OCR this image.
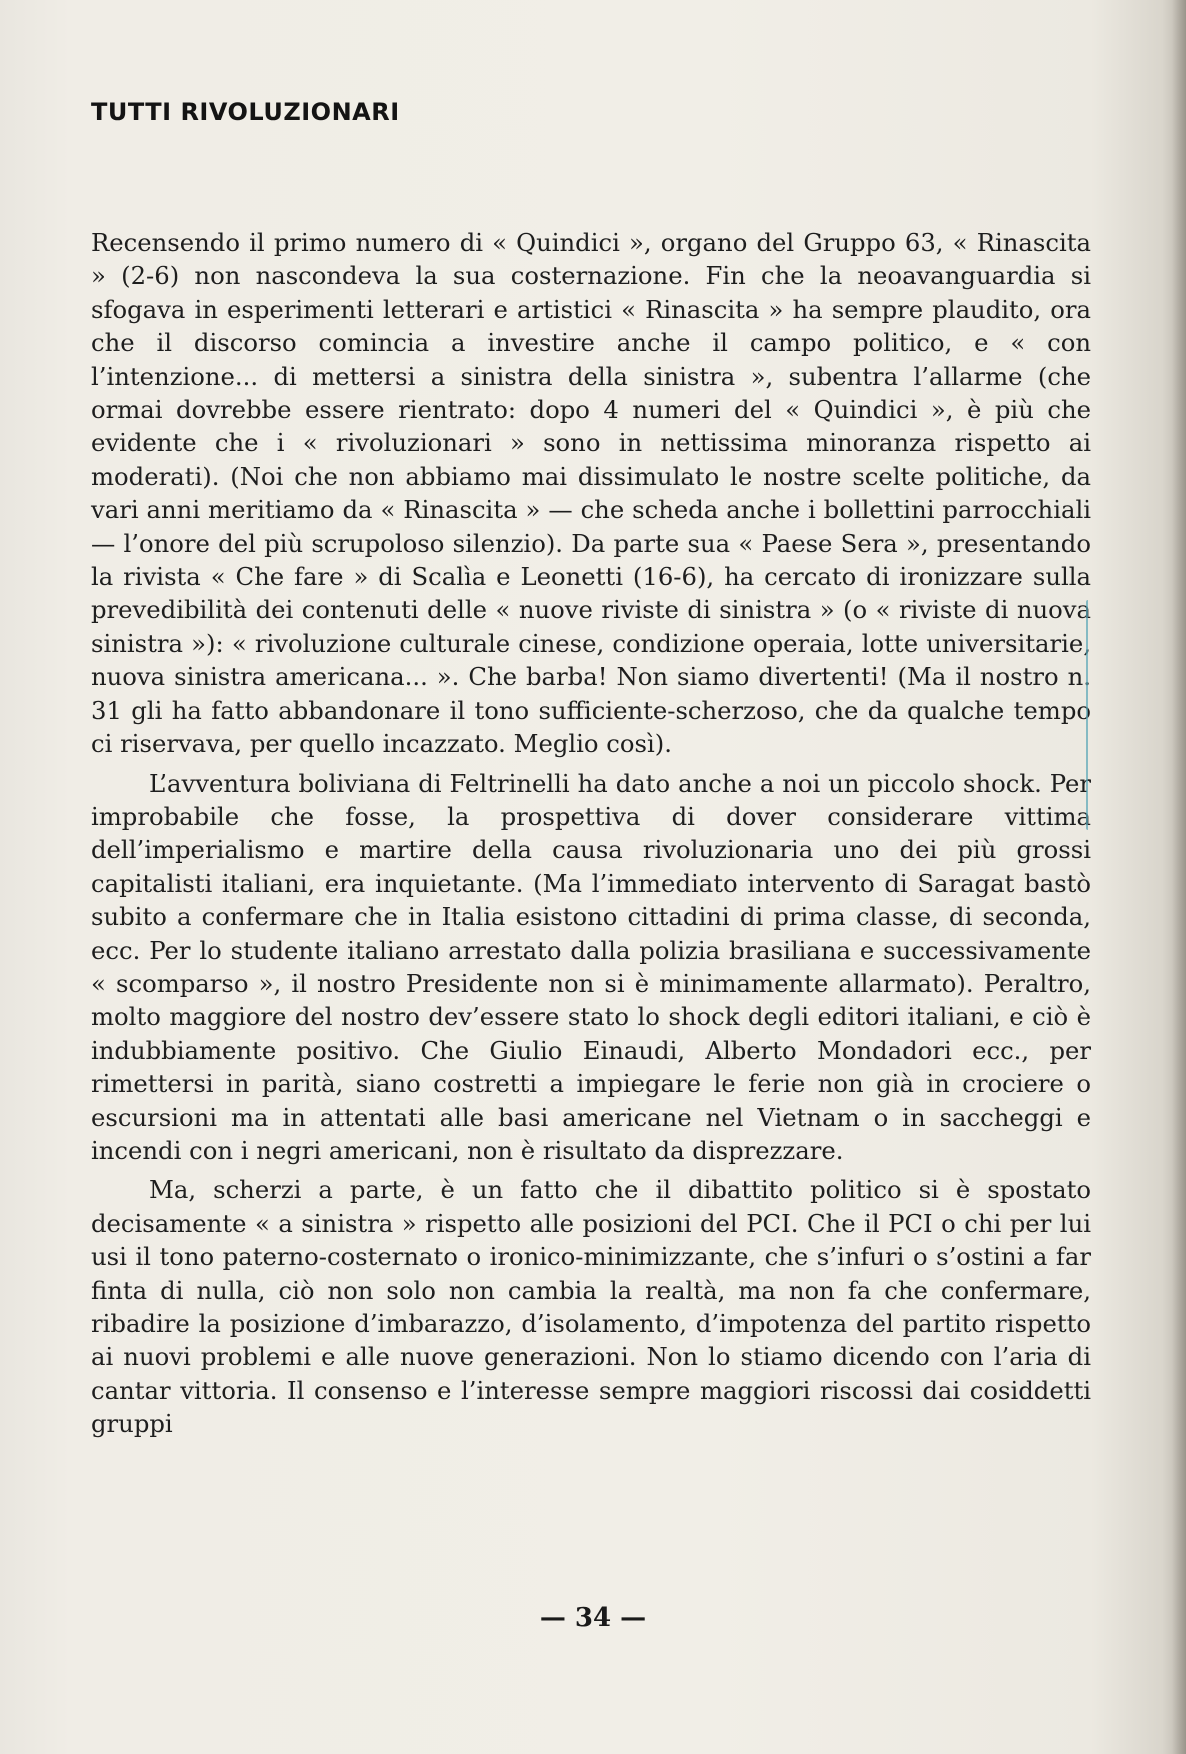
TUTTI RIVOLUZIONARI

Recensendo il primo numero di « Quindici », organo del Gruppo 63, « Rinascita » (2-6) non nascondeva la sua costernazione. Fin che la neoavanguardia si sfogava in esperimenti letterari e artistici « Rinascita » ha sempre plaudito, ora che il discorso comincia a investire anche il campo politico, e « con l’intenzione... di mettersi a sinistra della sinistra », subentra l’allarme (che ormai dovrebbe essere rientrato: dopo 4 numeri del « Quindici », è più che evidente che i « rivoluzionari » sono in nettissima minoranza rispetto ai moderati). (Noi che non abbiamo mai dissimulato le nostre scelte politiche, da vari anni meritiamo da « Rinascita » — che scheda anche i bollettini parrocchiali — l’onore del più scrupoloso silenzio). Da parte sua « Paese Sera », presentando la rivista « Che fare » di Scalìa e Leonetti (16-6), ha cercato di ironizzare sulla prevedibilità dei contenuti delle « nuove riviste di sinistra » (o « riviste di nuova sinistra »): « rivoluzione culturale cinese, condizione operaia, lotte universitarie, nuova sinistra americana... ». Che barba! Non siamo divertenti! (Ma il nostro n. 31 gli ha fatto abbandonare il tono sufficiente-scherzoso, che da qualche tempo ci riservava, per quello incazzato. Meglio così).

L’avventura boliviana di Feltrinelli ha dato anche a noi un piccolo shock. Per improbabile che fosse, la prospettiva di dover considerare vittima dell’imperialismo e martire della causa rivoluzionaria uno dei più grossi capitalisti italiani, era inquietante. (Ma l’immediato intervento di Saragat bastò subito a confermare che in Italia esistono cittadini di prima classe, di seconda, ecc. Per lo studente italiano arrestato dalla polizia brasiliana e successivamente « scomparso », il nostro Presidente non si è minimamente allarmato). Peraltro, molto maggiore del nostro dev’essere stato lo shock degli editori italiani, e ciò è indubbiamente positivo. Che Giulio Einaudi, Alberto Mondadori ecc., per rimettersi in parità, siano costretti a impiegare le ferie non già in crociere o escursioni ma in attentati alle basi americane nel Vietnam o in saccheggi e incendi con i negri americani, non è risultato da disprezzare.

Ma, scherzi a parte, è un fatto che il dibattito politico si è spostato decisamente « a sinistra » rispetto alle posizioni del PCI. Che il PCI o chi per lui usi il tono paterno-costernato o ironico-minimizzante, che s’infuri o s’ostini a far finta di nulla, ciò non solo non cambia la realtà, ma non fa che confermare, ribadire la posizione d’imbarazzo, d’isolamento, d’impotenza del partito rispetto ai nuovi problemi e alle nuove generazioni. Non lo stiamo dicendo con l’aria di cantar vittoria. Il consenso e l’interesse sempre maggiori riscossi dai cosiddetti gruppi

— 34 —
